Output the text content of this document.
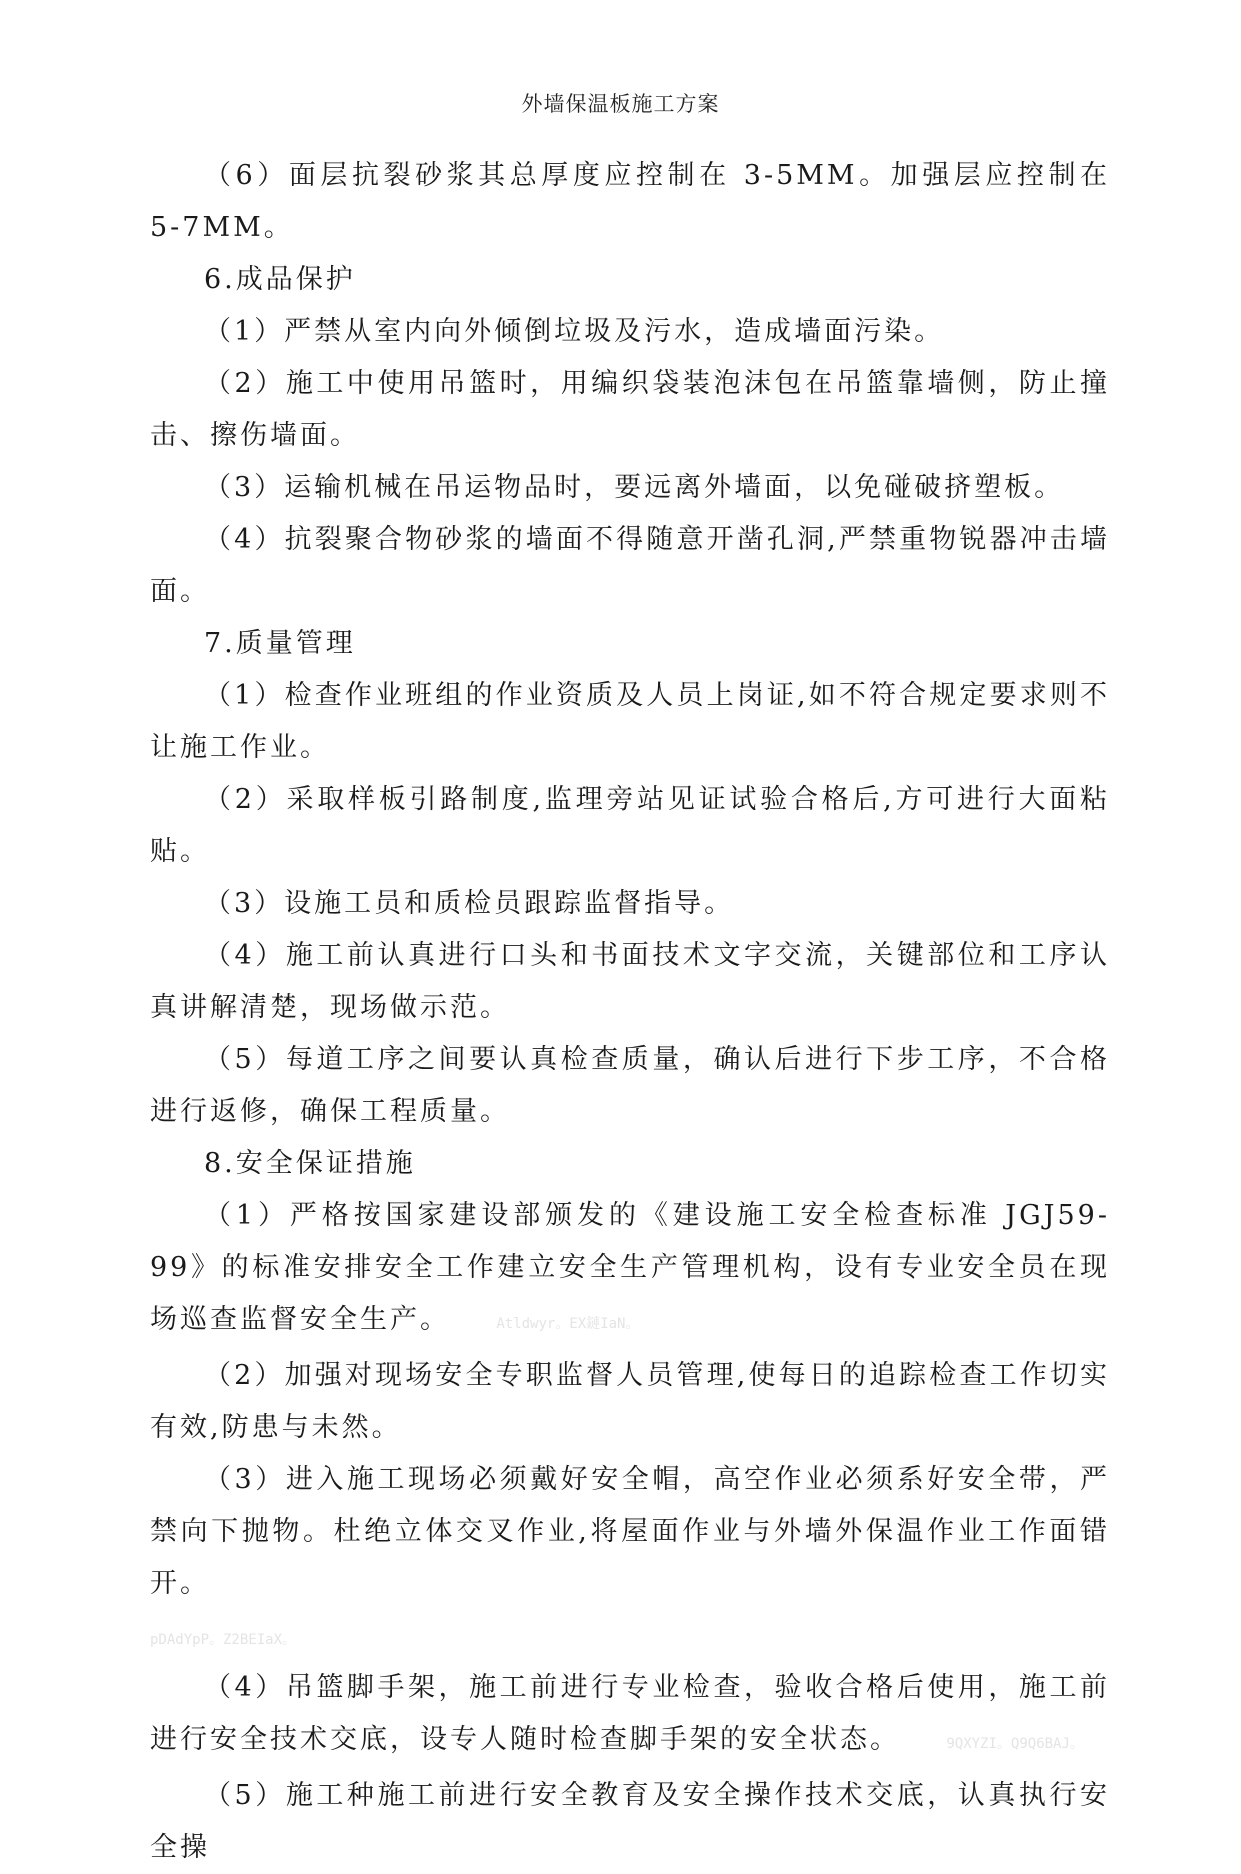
外墙保温板施工方案

（6）面层抗裂砂浆其总厚度应控制在 3-5MM。加强层应控制在 5-7MM。

6.成品保护

（1）严禁从室内向外倾倒垃圾及污水，造成墙面污染。

（2）施工中使用吊篮时，用编织袋装泡沫包在吊篮靠墙侧，防止撞击、擦伤墙面。

（3）运输机械在吊运物品时，要远离外墙面，以免碰破挤塑板。

（4）抗裂聚合物砂浆的墙面不得随意开凿孔洞,严禁重物锐器冲击墙面。

7.质量管理

（1）检查作业班组的作业资质及人员上岗证,如不符合规定要求则不让施工作业。

（2）采取样板引路制度,监理旁站见证试验合格后,方可进行大面粘贴。

（3）设施工员和质检员跟踪监督指导。

（4）施工前认真进行口头和书面技术文字交流，关键部位和工序认真讲解清楚，现场做示范。

（5）每道工序之间要认真检查质量，确认后进行下步工序，不合格进行返修，确保工程质量。

8.安全保证措施

（1）严格按国家建设部颁发的《建设施工安全检查标准 JGJ59-99》的标准安排安全工作建立安全生产管理机构，设有专业安全员在现场巡查监督安全生产。	Atldwyr。EX鏈IaN。

（2）加强对现场安全专职监督人员管理,使每日的追踪检查工作切实有效,防患与未然。

（3）进入施工现场必须戴好安全帽，高空作业必须系好安全带，严禁向下抛物。杜绝立体交叉作业,将屋面作业与外墙外保温作业工作面错开。

pDAdYpP。Z2BEIaX。

（4）吊篮脚手架，施工前进行专业检查，验收合格后使用，施工前进行安全技术交底，设专人随时检查脚手架的安全状态。	9QXYZI。Q9Q6BAJ。

（5）施工种施工前进行安全教育及安全操作技术交底，认真执行安全操
